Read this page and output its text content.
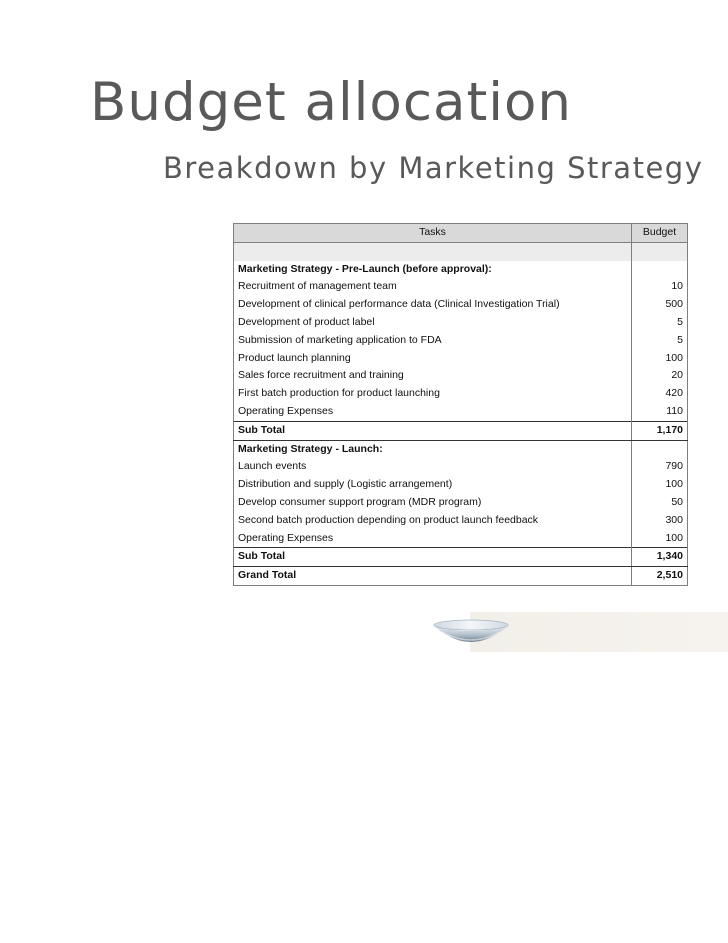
Budget allocation
Breakdown by Marketing Strategy
Tasks	Budget

Marketing Strategy - Pre-Launch (before approval):	
Recruitment of management team	10
Development of clinical performance data (Clinical Investigation Trial)	500
Development of product label	5
Submission of marketing application to FDA	5
Product launch planning	100
Sales force recruitment and training	20
First batch production for product launching	420
Operating Expenses	110
Sub Total	1,170
Marketing Strategy - Launch:	
Launch events	790
Distribution and supply (Logistic arrangement)	100
Develop consumer support program (MDR program)	50
Second batch production depending on product launch feedback	300
Operating Expenses	100
Sub Total	1,340
Grand Total	2,510
